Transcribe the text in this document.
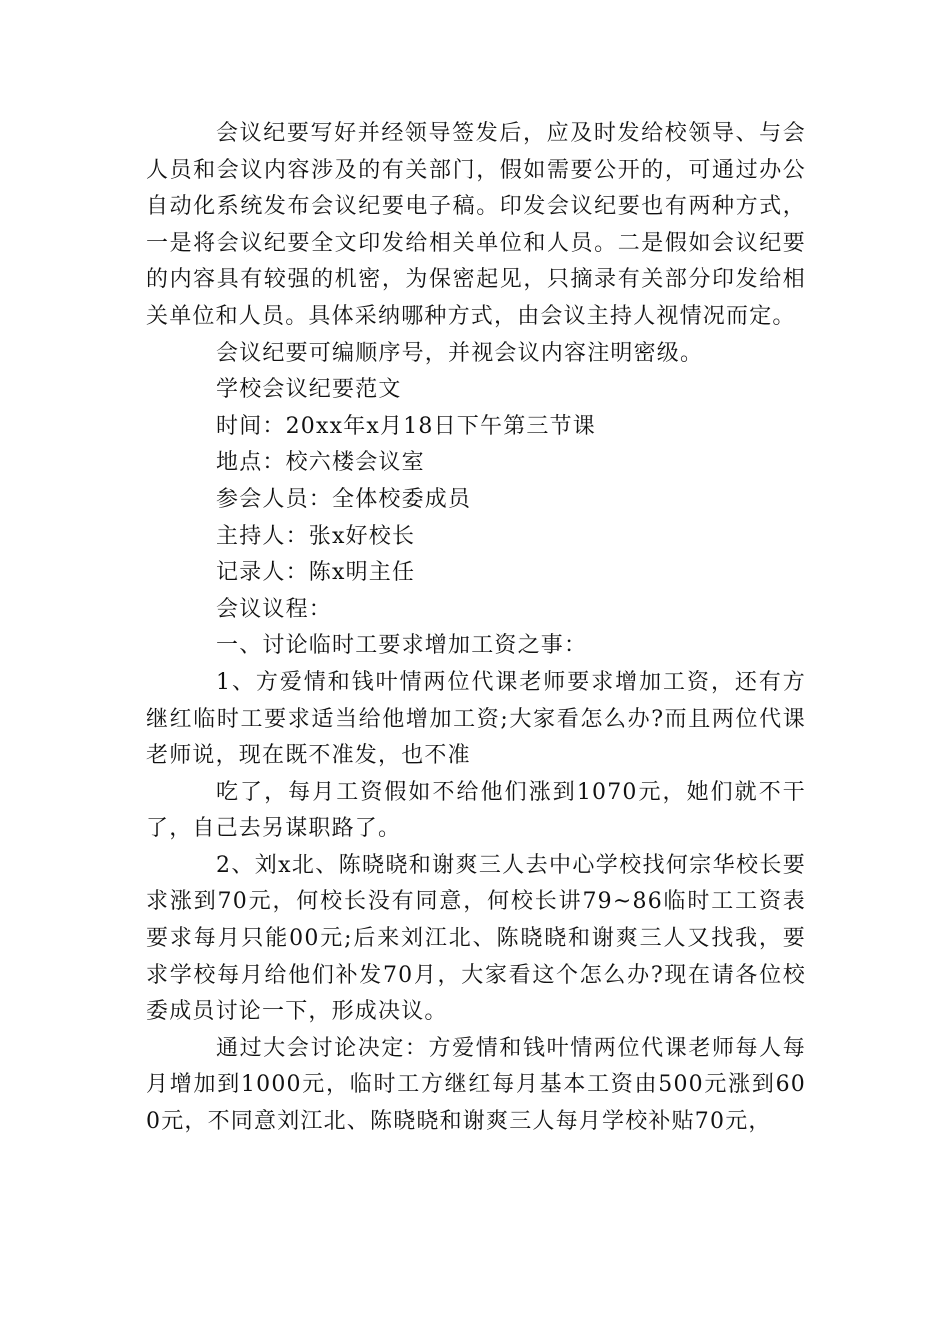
会议纪要写好并经领导签发后，应及时发给校领导、与会人员和会议内容涉及的有关部门，假如需要公开的，可通过办公自动化系统发布会议纪要电子稿。印发会议纪要也有两种方式，一是将会议纪要全文印发给相关单位和人员。二是假如会议纪要的内容具有较强的机密，为保密起见，只摘录有关部分印发给相关单位和人员。具体采纳哪种方式，由会议主持人视情况而定。

会议纪要可编顺序号，并视会议内容注明密级。

学校会议纪要范文

时间：20xx年x月18日下午第三节课

地点：校六楼会议室

参会人员：全体校委成员

主持人：张x好校长

记录人：陈x明主任

会议议程：

一、讨论临时工要求增加工资之事：

1、方爱情和钱叶情两位代课老师要求增加工资，还有方继红临时工要求适当给他增加工资;大家看怎么办?而且两位代课老师说，现在既不准发，也不准

吃了，每月工资假如不给他们涨到1070元，她们就不干了，自己去另谋职路了。

2、刘x北、陈晓晓和谢爽三人去中心学校找何宗华校长要求涨到70元，何校长没有同意，何校长讲79~86临时工工资表要求每月只能00元;后来刘江北、陈晓晓和谢爽三人又找我，要求学校每月给他们补发70月，大家看这个怎么办?现在请各位校委成员讨论一下，形成决议。

通过大会讨论决定：方爱情和钱叶情两位代课老师每人每月增加到1000元，临时工方继红每月基本工资由500元涨到600元，不同意刘江北、陈晓晓和谢爽三人每月学校补贴70元，
